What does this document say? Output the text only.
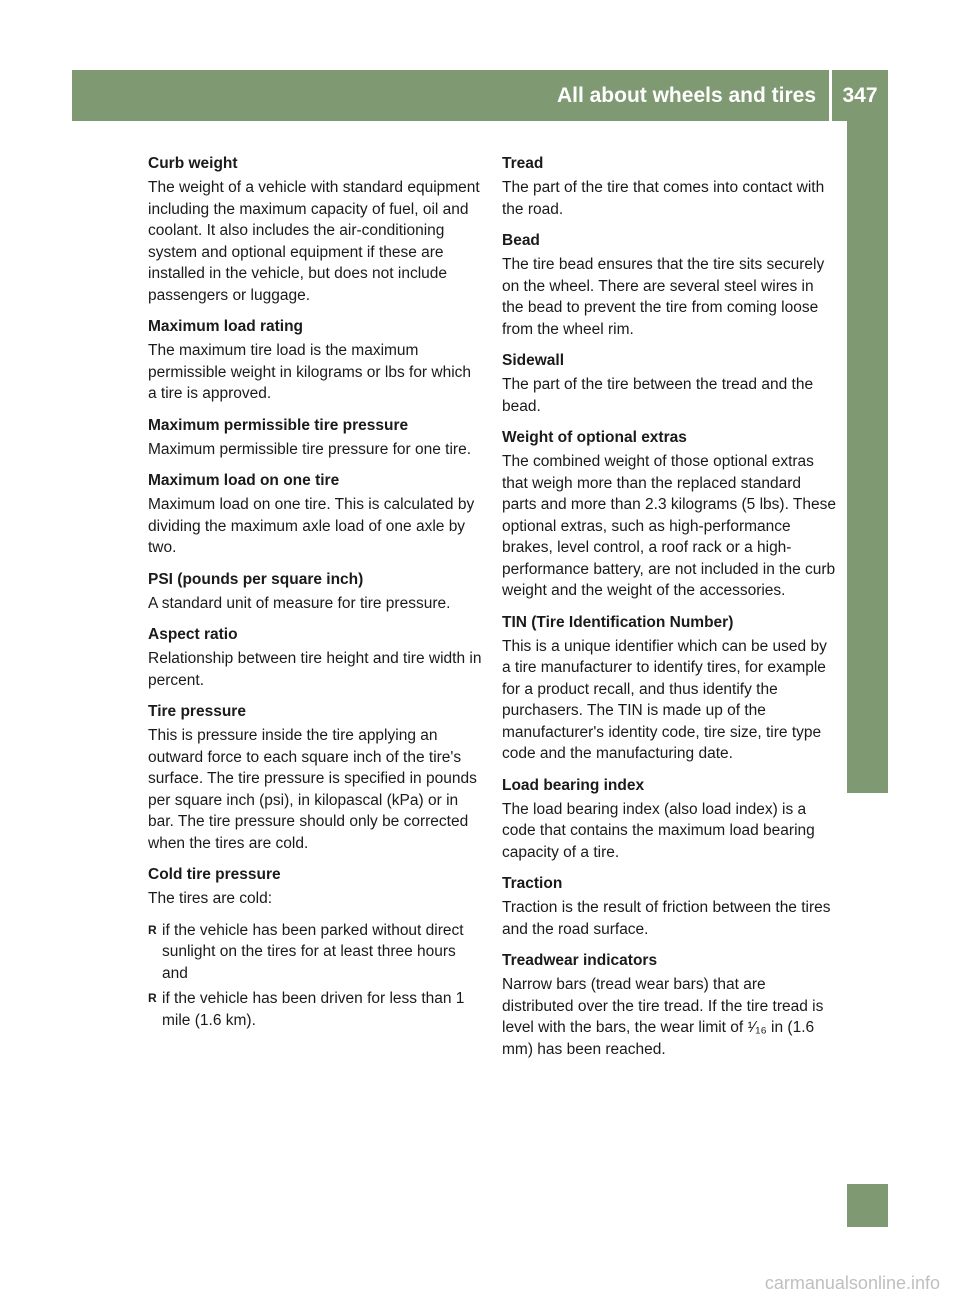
All about wheels and tires	347
Wheels and tires
Curb weight

The weight of a vehicle with standard equipment including the maximum capacity of fuel, oil and coolant. It also includes the air-conditioning system and optional equipment if these are installed in the vehicle, but does not include passengers or luggage.

Maximum load rating

The maximum tire load is the maximum permissible weight in kilograms or lbs for which a tire is approved.

Maximum permissible tire pressure

Maximum permissible tire pressure for one tire.

Maximum load on one tire

Maximum load on one tire. This is calculated by dividing the maximum axle load of one axle by two.

PSI (pounds per square inch)

A standard unit of measure for tire pressure.

Aspect ratio

Relationship between tire height and tire width in percent.

Tire pressure

This is pressure inside the tire applying an outward force to each square inch of the tire's surface. The tire pressure is specified in pounds per square inch (psi), in kilopascal (kPa) or in bar. The tire pressure should only be corrected when the tires are cold.

Cold tire pressure

The tires are cold:

R if the vehicle has been parked without direct sunlight on the tires for at least three hours and
R if the vehicle has been driven for less than 1 mile (1.6 km).
Tread

The part of the tire that comes into contact with the road.

Bead

The tire bead ensures that the tire sits securely on the wheel. There are several steel wires in the bead to prevent the tire from coming loose from the wheel rim.

Sidewall

The part of the tire between the tread and the bead.

Weight of optional extras

The combined weight of those optional extras that weigh more than the replaced standard parts and more than 2.3 kilograms (5 lbs). These optional extras, such as high-performance brakes, level control, a roof rack or a high-performance battery, are not included in the curb weight and the weight of the accessories.

TIN (Tire Identification Number)

This is a unique identifier which can be used by a tire manufacturer to identify tires, for example for a product recall, and thus identify the purchasers. The TIN is made up of the manufacturer's identity code, tire size, tire type code and the manufacturing date.

Load bearing index

The load bearing index (also load index) is a code that contains the maximum load bearing capacity of a tire.

Traction

Traction is the result of friction between the tires and the road surface.

Treadwear indicators

Narrow bars (tread wear bars) that are distributed over the tire tread. If the tire tread is level with the bars, the wear limit of ¹⁄₁₆ in (1.6 mm) has been reached.

carmanualsonline.info
